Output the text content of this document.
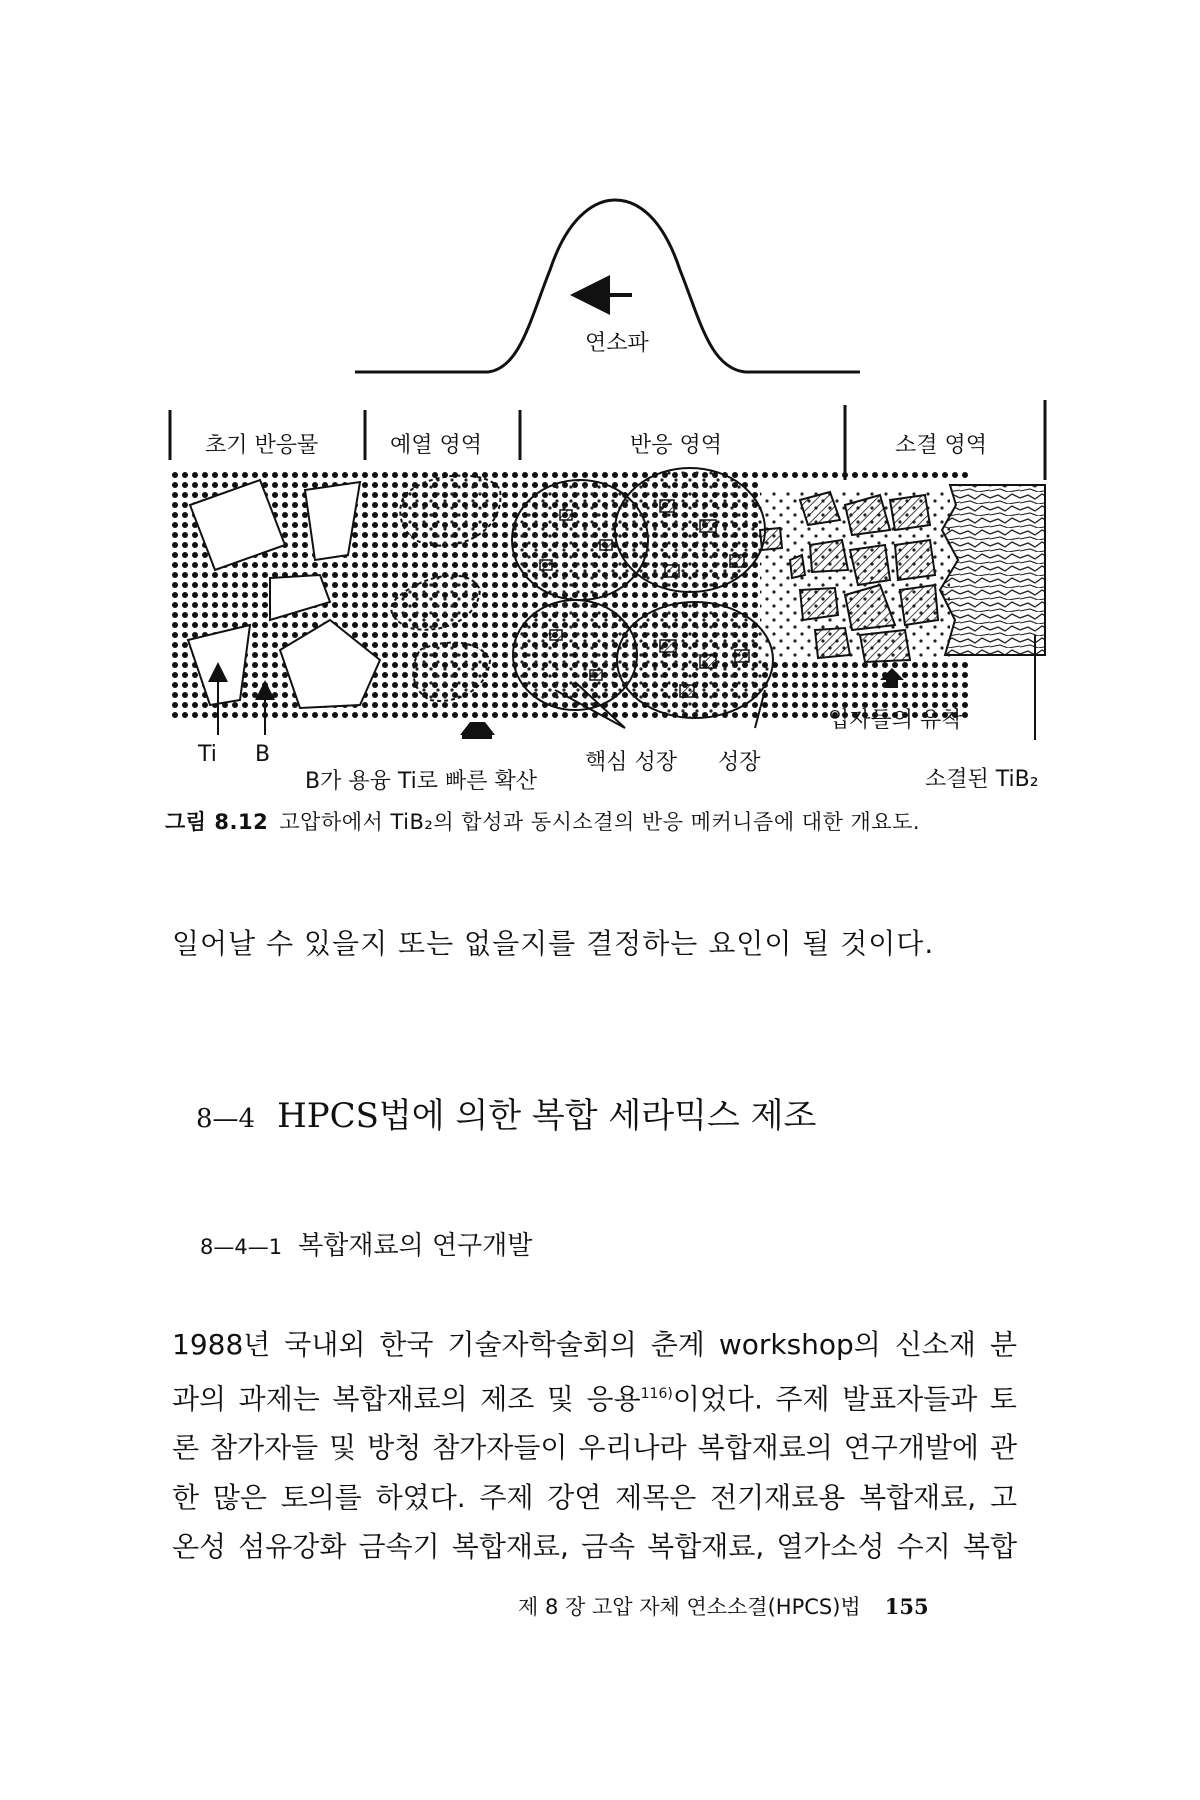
연소파
초기 반응물	예열 영역	반응 영역	소결 영역
Ti B
B가 용융 Ti로 빠른 확산
핵심 성장 성장
입자들의 유착
소결된 TiB₂
그림 8.12 고압하에서 TiB₂의 합성과 동시소결의 반응 메커니즘에 대한 개요도.
일어날 수 있을지 또는 없을지를 결정하는 요인이 될 것이다.
8—4 HPCS법에 의한 복합 세라믹스 제조
8—4—1 복합재료의 연구개발
1988년 국내외 한국 기술자학술회의 춘계 workshop의 신소재 분
과의 과제는 복합재료의 제조 및 응용$^{116)}$이었다. 주제 발표자들과 토
론 참가자들 및 방청 참가자들이 우리나라 복합재료의 연구개발에 관
한 많은 토의를 하였다. 주제 강연 제목은 전기재료용 복합재료, 고
온성 섬유강화 금속기 복합재료, 금속 복합재료, 열가소성 수지 복합
제 8 장 고압 자체 연소소결(HPCS)법 155
